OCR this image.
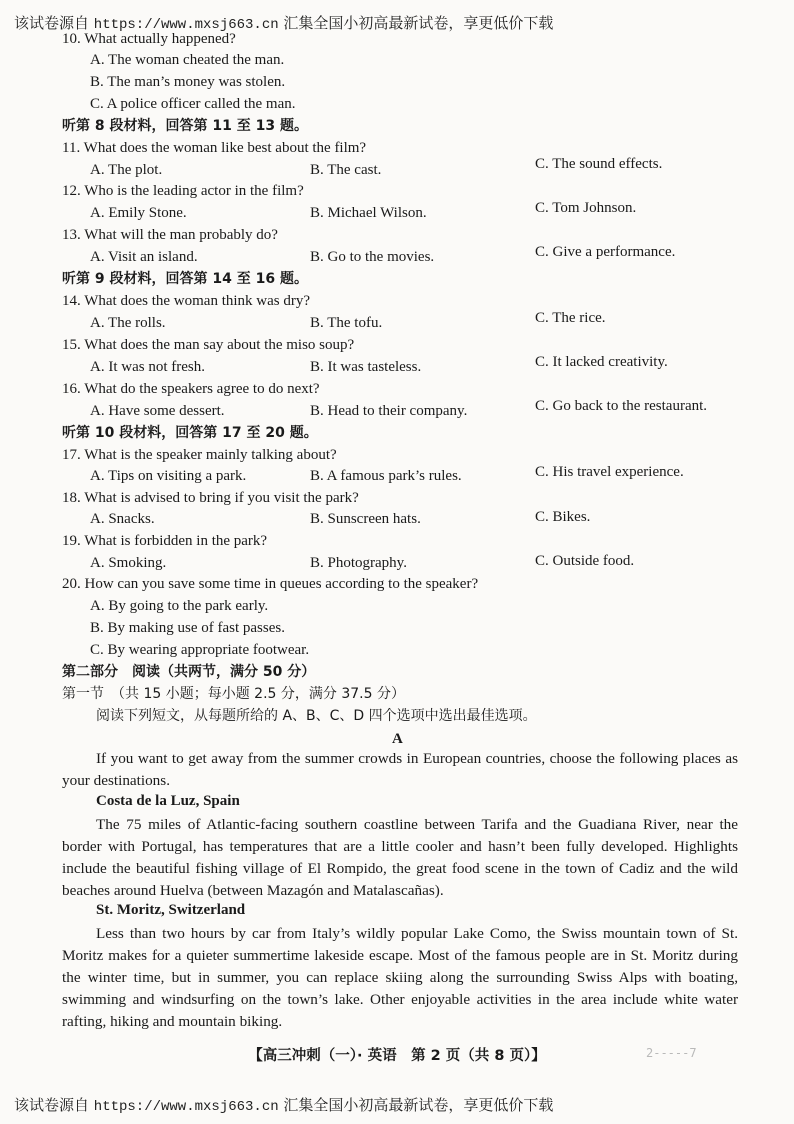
该试卷源自 https://www.mxsj663.cn 汇集全国小初高最新试卷，享更低价下载
10. What actually happened?
A. The woman cheated the man.
B. The man’s money was stolen.
C. A police officer called the man.
听第 8 段材料，回答第 11 至 13 题。
11. What does the woman like best about the film?
A. The plot.	B. The cast.	C. The sound effects.
12. Who is the leading actor in the film?
A. Emily Stone.	B. Michael Wilson.	C. Tom Johnson.
13. What will the man probably do?
A. Visit an island.	B. Go to the movies.	C. Give a performance.
听第 9 段材料，回答第 14 至 16 题。
14. What does the woman think was dry?
A. The rolls.	B. The tofu.	C. The rice.
15. What does the man say about the miso soup?
A. It was not fresh.	B. It was tasteless.	C. It lacked creativity.
16. What do the speakers agree to do next?
A. Have some dessert.	B. Head to their company.	C. Go back to the restaurant.
听第 10 段材料，回答第 17 至 20 题。
17. What is the speaker mainly talking about?
A. Tips on visiting a park.	B. A famous park’s rules.	C. His travel experience.
18. What is advised to bring if you visit the park?
A. Snacks.	B. Sunscreen hats.	C. Bikes.
19. What is forbidden in the park?
A. Smoking.	B. Photography.	C. Outside food.
20. How can you save some time in queues according to the speaker?
A. By going to the park early.
B. By making use of fast passes.
C. By wearing appropriate footwear.
第二部分　阅读（共两节，满分 50 分）
第一节　（共 15 小题；每小题 2.5 分，满分 37.5 分）
阅读下列短文，从每题所给的 A、B、C、D 四个选项中选出最佳选项。
A

If you want to get away from the summer crowds in European countries, choose the following places as your destinations.

Costa de la Luz, Spain

The 75 miles of Atlantic-facing southern coastline between Tarifa and the Guadiana River, near the border with Portugal, has temperatures that are a little cooler and hasn’t been fully developed. Highlights include the beautiful fishing village of El Rompido, the great food scene in the town of Cadiz and the wild beaches around Huelva (between Mazagón and Matalascañas).

St. Moritz, Switzerland

Less than two hours by car from Italy’s wildly popular Lake Como, the Swiss mountain town of St. Moritz makes for a quieter summertime lakeside escape. Most of the famous people are in St. Moritz during the winter time, but in summer, you can replace skiing along the surrounding Swiss Alps with boating, swimming and windsurfing on the town’s lake. Other enjoyable activities in the area include white water rafting, hiking and mountain biking.

【高三冲刺（一）· 英语　第 2 页（共 8 页）】	2‐‐‐‐‐7
该试卷源自 https://www.mxsj663.cn 汇集全国小初高最新试卷，享更低价下载
